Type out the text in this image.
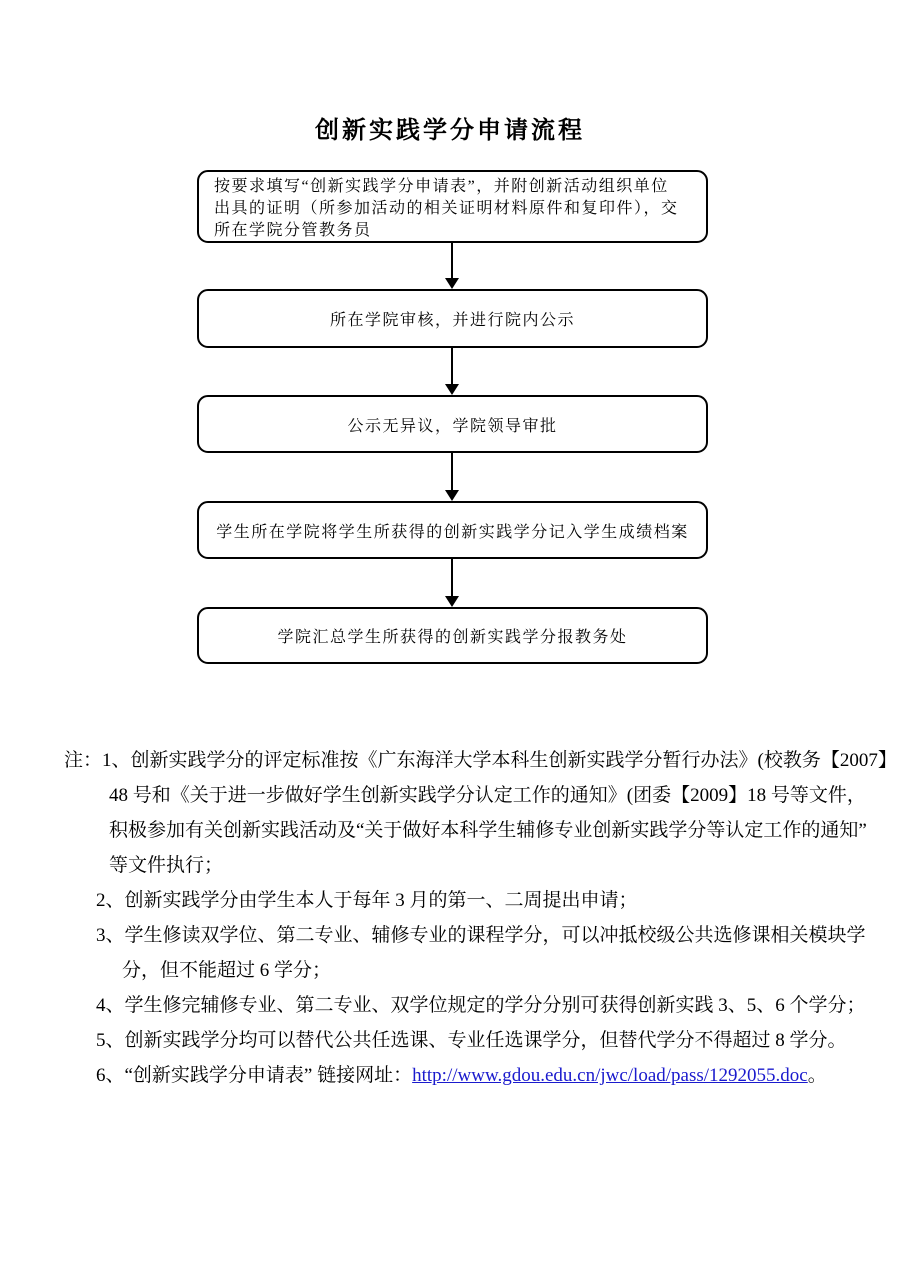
创新实践学分申请流程
按要求填写“创新实践学分申请表”，并附创新活动组织单位
出具的证明（所参加活动的相关证明材料原件和复印件），交
所在学院分管教务员
所在学院审核，并进行院内公示
公示无异议，学院领导审批
学生所在学院将学生所获得的创新实践学分记入学生成绩档案
学院汇总学生所获得的创新实践学分报教务处
注：1、创新实践学分的评定标准按《广东海洋大学本科生创新实践学分暂行办法》(校教务【2007】
48 号和《关于进一步做好学生创新实践学分认定工作的通知》(团委【2009】18 号等文件，
积极参加有关创新实践活动及“关于做好本科学生辅修专业创新实践学分等认定工作的通知”
等文件执行；
2、创新实践学分由学生本人于每年 3 月的第一、二周提出申请；
3、学生修读双学位、第二专业、辅修专业的课程学分，可以冲抵校级公共选修课相关模块学
分，但不能超过 6 学分；
4、学生修完辅修专业、第二专业、双学位规定的学分分别可获得创新实践 3、5、6 个学分；
5、创新实践学分均可以替代公共任选课、专业任选课学分，但替代学分不得超过 8 学分。
6、“创新实践学分申请表” 链接网址：http://www.gdou.edu.cn/jwc/load/pass/1292055.doc。
